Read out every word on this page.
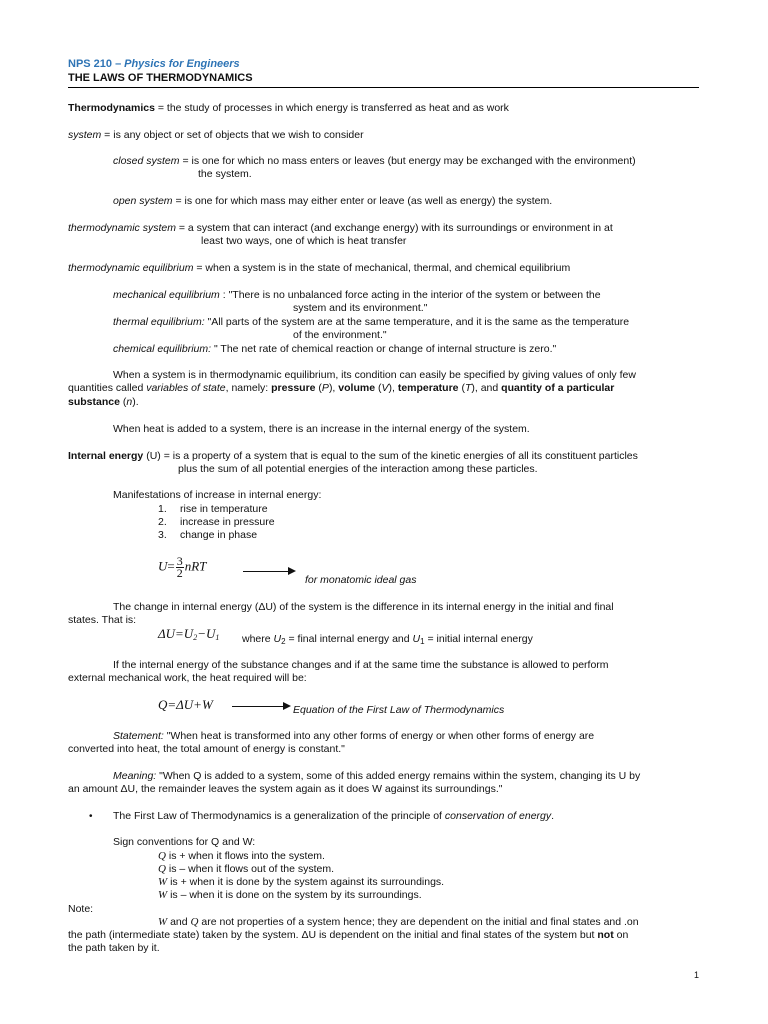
NPS 210 – Physics for Engineers
THE LAWS OF THERMODYNAMICS
Thermodynamics = the study of processes in which energy is transferred as heat and as work
system = is any object or set of objects that we wish to consider
closed system = is one for which no mass enters or leaves (but energy may be exchanged with the environment)
the system.
open system = is one for which mass may either enter or leave (as well as energy) the system.
thermodynamic system = a system that can interact (and exchange energy) with its surroundings or environment in at
least two ways, one of which is heat transfer
thermodynamic equilibrium = when a system is in the state of mechanical, thermal, and chemical equilibrium
mechanical equilibrium : "There is no unbalanced force acting in the interior of the system or between the
system and its environment."
thermal equilibrium: "All parts of the system are at the same temperature, and it is the same as the temperature
of the environment."
chemical equilibrium: " The net rate of chemical reaction or change of internal structure is zero."
When a system is in thermodynamic equilibrium, its condition can easily be specified by giving values of only few
quantities called variables of state, namely: pressure (P), volume (V), temperature (T), and quantity of a particular
substance (n).
When heat is added to a system, there is an increase in the internal energy of the system.
Internal energy (U) = is a property of a system that is equal to the sum of the kinetic energies of all its constituent particles
plus the sum of all potential energies of the interaction among these particles.
Manifestations of increase in internal energy:
1. rise in temperature
2. increase in pressure
3. change in phase
$U= \frac{3}{2}$ nRT
for monatomic ideal gas
The change in internal energy (ΔU) of the system is the difference in its internal energy in the initial and final
states. That is:
$\Delta U=U_2-U_1$ where $U_2$ = final internal energy and $U_1$ = initial internal energy
If the internal energy of the substance changes and if at the same time the substance is allowed to perform
external mechanical work, the heat required will be:
Q=ΔU+W	Equation of the First Law of Thermodynamics
Statement: "When heat is transformed into any other forms of energy or when other forms of energy are
converted into heat, the total amount of energy is constant."
Meaning: "When Q is added to a system, some of this added energy remains within the system, changing its U by
an amount ΔU, the remainder leaves the system again as it does W against its surroundings."
• The First Law of Thermodynamics is a generalization of the principle of conservation of energy.
Sign conventions for Q and W:
Q is + when it flows into the system.
Q is – when it flows out of the system.
W is + when it is done by the system against its surroundings.
W is – when it is done on the system by its surroundings.
Note:
W and Q are not properties of a system hence; they are dependent on the initial and final states and .on
the path (intermediate state) taken by the system. ΔU is dependent on the initial and final states of the system but not on
the path taken by it.
1
